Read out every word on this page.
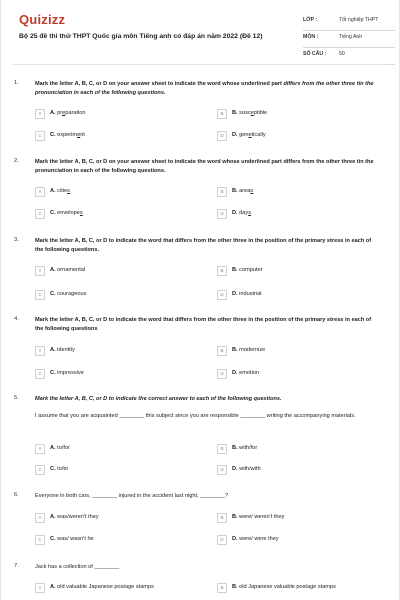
Quizizz
Bộ 25 đề thi thử THPT Quốc gia môn Tiếng anh có đáp án năm 2022 (Đề 12)
LỚP :	Tốt nghiệp THPT
MÔN :	Tiếng Anh
SỐ CÂU : 50
1.	Mark the letter A, B, C, or D on your answer sheet to indicate the word whose underlined part differs from the other three tin the pronunciation in each of the following questions.
A	A. preparation	B	B. susceptible
C	C. experiment	D	D. genetically
2.	Mark the letter A, B, C, or D on your answer sheet to indicate the word whose underlined part differs from the other three tin the pronunciation in each of the following questions.
A	A. cities	B	B. areas
C	C. envelopes	D	D. days
3.	Mark the letter A, B, C, or D to indicate the word that differs from the other three in the position of the primary stress in each of the following questions.
A	A. ornamental	B	B. computer
C	C. courageous	D	D. industrial
4.	Mark the letter A, B, C, or D to indicate the word that differs from the other three in the position of the primary stress in each of the following questions
A	A. identity	B	B. modernize
C	C. impressive	D	D. emotion
5.	Mark the letter A, B, C, or D to indicate the correct answer to each of the following questions.
I assume that you are acquainted ________ this subject since you are responsible ________ writing the accompanying materials.
A	A. to/for	B	B. with/for
C	C. to/to	D	D. with/with
6.	Everyone in both cars, ________ injured in the accident last night, ________?
A	A. was/weren't they	B	B. were/ weren't they
C	C. was/ wasn't he	D	D. were/ were they
7.	Jack has a collection of ________
A	A. old valuable Japanese postage stamps	B	B. old Japanese valuable postage stamps
